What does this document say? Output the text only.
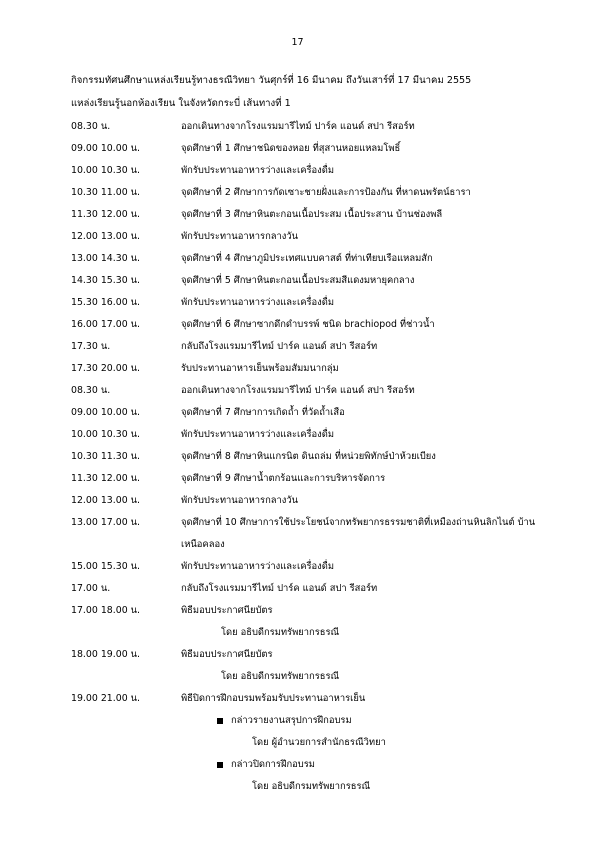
17
กิจกรรมทัศนศึกษาแหล่งเรียนรู้ทางธรณีวิทยา วันศุกร์ที่ 16 มีนาคม ถึงวันเสาร์ที่ 17 มีนาคม 2555
แหล่งเรียนรู้นอกห้องเรียน ในจังหวัดกระบี่ เส้นทางที่ 1
08.30 น.	ออกเดินทางจากโรงแรมมารีไทม์ ปาร์ค แอนด์ สปา รีสอร์ท
09.00 10.00 น.	จุดศึกษาที่ 1 ศึกษาชนิดของหอย ที่สุสานหอยแหลมโพธิ์
10.00 10.30 น.	พักรับประทานอาหารว่างและเครื่องดื่ม
10.30 11.00 น.	จุดศึกษาที่ 2 ศึกษาการกัดเซาะชายฝั่งและการป้องกัน ที่หาดนพรัตน์ธารา
11.30 12.00 น.	จุดศึกษาที่ 3 ศึกษาหินตะกอนเนื้อประสม เนื้อประสาน บ้านช่องพลี
12.00 13.00 น.	พักรับประทานอาหารกลางวัน
13.00 14.30 น.	จุดศึกษาที่ 4 ศึกษาภูมิประเทศแบบคาสต์ ที่ท่าเทียบเรือแหลมสัก
14.30 15.30 น.	จุดศึกษาที่ 5 ศึกษาหินตะกอนเนื้อประสมสีแดงมหายุคกลาง
15.30 16.00 น.	พักรับประทานอาหารว่างและเครื่องดื่ม
16.00 17.00 น.	จุดศึกษาที่ 6 ศึกษาซากดึกดำบรรพ์ ชนิด brachiopod ที่ช่าวน้ำ
17.30 น.	กลับถึงโรงแรมมารีไทม์ ปาร์ค แอนด์ สปา รีสอร์ท
17.30 20.00 น.	รับประทานอาหารเย็นพร้อมสัมมนากลุ่ม
08.30 น.	ออกเดินทางจากโรงแรมมารีไทม์ ปาร์ค แอนด์ สปา รีสอร์ท
09.00 10.00 น.	จุดศึกษาที่ 7 ศึกษาการเกิดถ้ำ ที่วัดถ้ำเสือ
10.00 10.30 น.	พักรับประทานอาหารว่างและเครื่องดื่ม
10.30 11.30 น.	จุดศึกษาที่ 8 ศึกษาหินแกรนิต ดินถล่ม ที่หน่วยพิทักษ์ป่าห้วยเบียง
11.30 12.00 น.	จุดศึกษาที่ 9 ศึกษาน้ำตกร้อนและการบริหารจัดการ
12.00 13.00 น.	พักรับประทานอาหารกลางวัน
13.00 17.00 น.	จุดศึกษาที่ 10 ศึกษาการใช้ประโยชน์จากทรัพยากรธรรมชาติที่เหมืองถ่านหินลิกไนต์ บ้านเหนือคลอง
15.00 15.30 น.	พักรับประทานอาหารว่างและเครื่องดื่ม
17.00 น.	กลับถึงโรงแรมมารีไทม์ ปาร์ค แอนด์ สปา รีสอร์ท
17.00 18.00 น.	พิธีมอบประกาศนียบัตร
โดย อธิบดีกรมทรัพยากรธรณี
18.00 19.00 น.	พิธีมอบประกาศนียบัตร
โดย อธิบดีกรมทรัพยากรธรณี
19.00 21.00 น.	พิธีปิดการฝึกอบรมพร้อมรับประทานอาหารเย็น
กล่าวรายงานสรุปการฝึกอบรม
โดย ผู้อำนวยการสำนักธรณีวิทยา
กล่าวปิดการฝึกอบรม
โดย อธิบดีกรมทรัพยากรธรณี
